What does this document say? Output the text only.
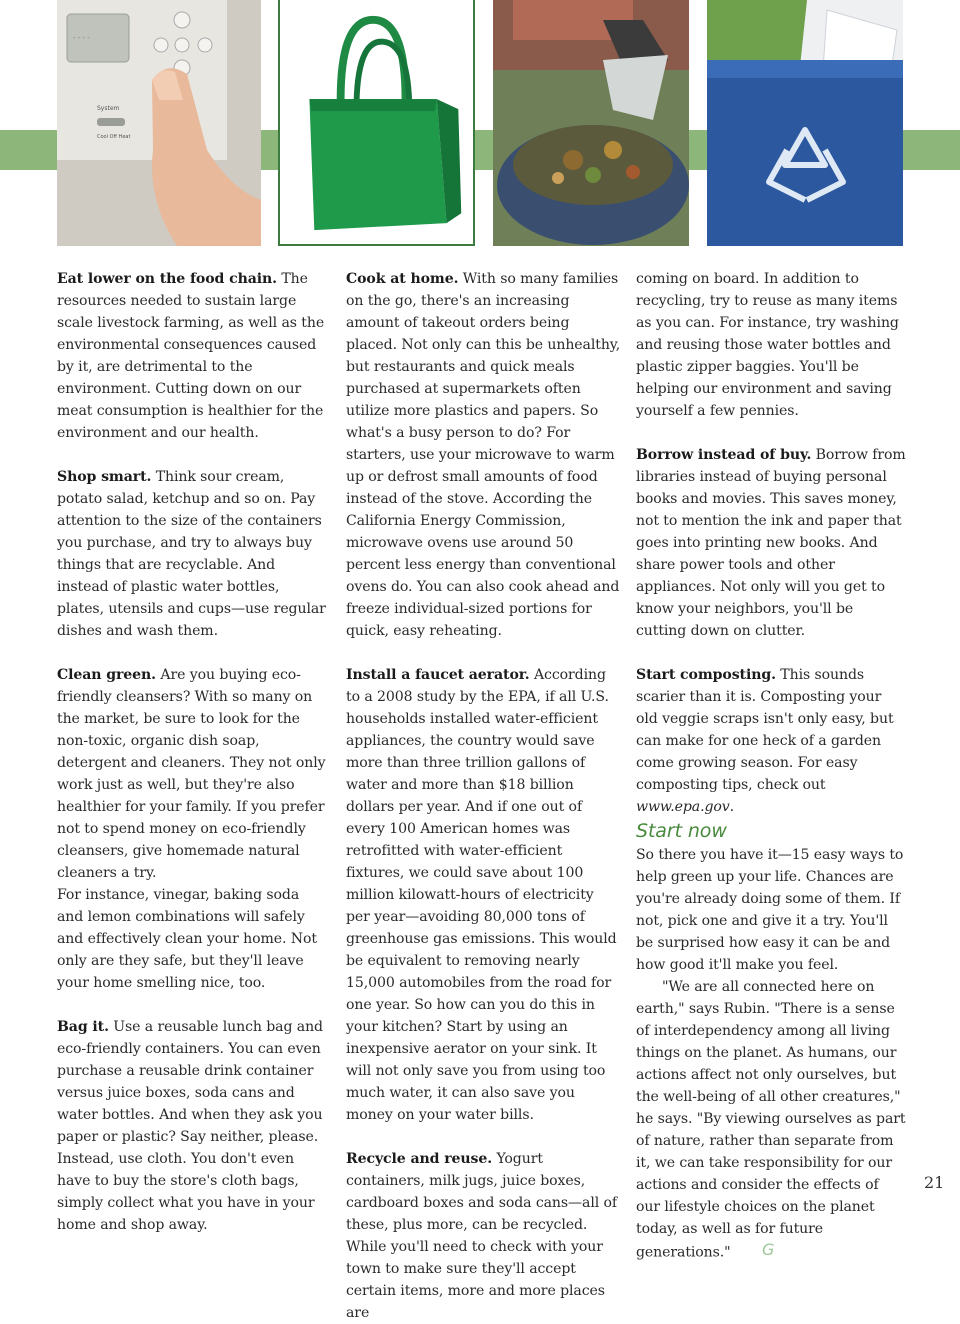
- - - -
System
Cool Off Heat

Eat lower on the food chain. The resources needed to sustain large scale livestock farming, as well as the environmental consequences caused by it, are detrimental to the environment. Cutting down on our meat consumption is healthier for the environment and our health.

Shop smart. Think sour cream, potato salad, ketchup and so on. Pay attention to the size of the containers you purchase, and try to always buy things that are recyclable. And instead of plastic water bottles, plates, utensils and cups—use regular dishes and wash them.

Clean green. Are you buying eco-friendly cleansers? With so many on the market, be sure to look for the non-toxic, organic dish soap, detergent and cleaners. They not only work just as well, but they're also healthier for your family. If you prefer not to spend money on eco-friendly cleansers, give homemade natural cleaners a try.

For instance, vinegar, baking soda and lemon combinations will safely and effectively clean your home. Not only are they safe, but they'll leave your home smelling nice, too.

Bag it. Use a reusable lunch bag and eco-friendly containers. You can even purchase a reusable drink container versus juice boxes, soda cans and water bottles. And when they ask you paper or plastic? Say neither, please. Instead, use cloth. You don't even have to buy the store's cloth bags, simply collect what you have in your home and shop away.

Cook at home. With so many families on the go, there's an increasing amount of takeout orders being placed. Not only can this be unhealthy, but restaurants and quick meals purchased at supermarkets often utilize more plastics and papers. So what's a busy person to do? For starters, use your microwave to warm up or defrost small amounts of food instead of the stove. According the California Energy Commission, microwave ovens use around 50 percent less energy than conventional ovens do. You can also cook ahead and freeze individual-sized portions for quick, easy reheating.

Install a faucet aerator. According to a 2008 study by the EPA, if all U.S. households installed water-efficient appliances, the country would save more than three trillion gallons of water and more than $18 billion dollars per year. And if one out of every 100 American homes was retrofitted with water-efficient fixtures, we could save about 100 million kilowatt-hours of electricity per year—avoiding 80,000 tons of greenhouse gas emissions. This would be equivalent to removing nearly 15,000 automobiles from the road for one year. So how can you do this in your kitchen? Start by using an inexpensive aerator on your sink. It will not only save you from using too much water, it can also save you money on your water bills.

Recycle and reuse. Yogurt containers, milk jugs, juice boxes, cardboard boxes and soda cans—all of these, plus more, can be recycled. While you'll need to check with your town to make sure they'll accept certain items, more and more places are

coming on board. In addition to recycling, try to reuse as many items as you can. For instance, try washing and reusing those water bottles and plastic zipper baggies. You'll be helping our environment and saving yourself a few pennies.

Borrow instead of buy. Borrow from libraries instead of buying personal books and movies. This saves money, not to mention the ink and paper that goes into printing new books. And share power tools and other appliances. Not only will you get to know your neighbors, you'll be cutting down on clutter.

Start composting. This sounds scarier than it is. Composting your old veggie scraps isn't only easy, but can make for one heck of a garden come growing season. For easy composting tips, check out www.epa.gov.

Start now

So there you have it—15 easy ways to help green up your life. Chances are you're already doing some of them. If not, pick one and give it a try. You'll be surprised how easy it can be and how good it'll make you feel.

"We are all connected here on earth," says Rubin. "There is a sense of interdependency among all living things on the planet. As humans, our actions affect not only ourselves, but the well-being of all other creatures," he says. "By viewing ourselves as part of nature, rather than separate from it, we can take responsibility for our actions and consider the effects of our lifestyle choices on the planet today, as well as for future generations." G

21
